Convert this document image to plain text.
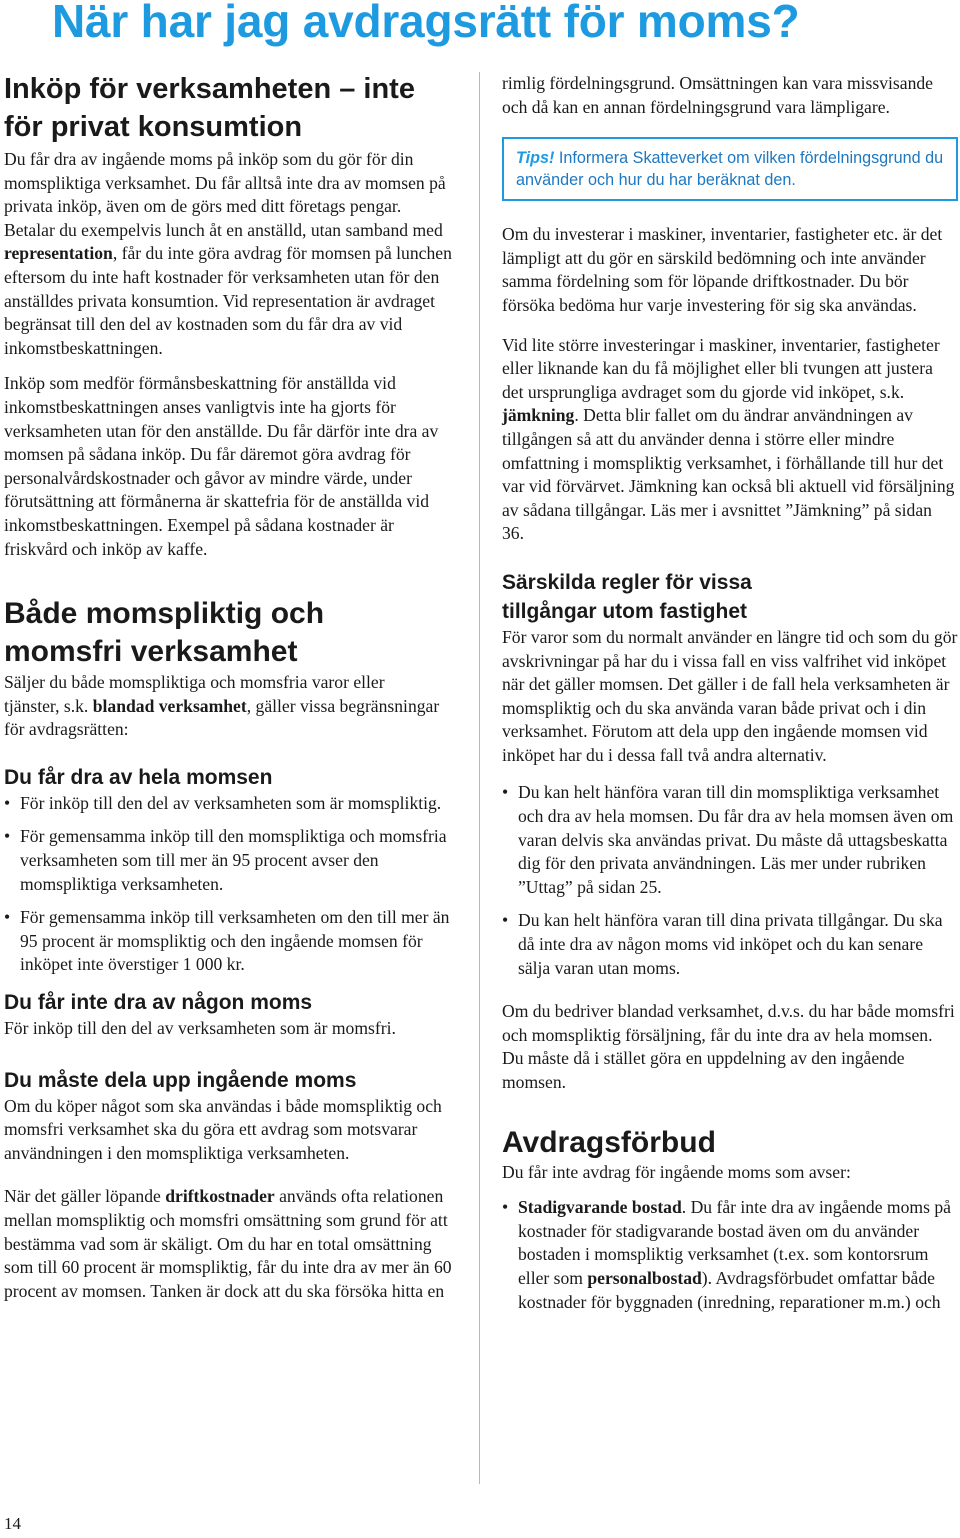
När har jag avdragsrätt för moms?
Inköp för verksamheten – inte för privat konsumtion

Du får dra av ingående moms på inköp som du gör för din momspliktiga verksamhet. Du får alltså inte dra av momsen på privata inköp, även om de görs med ditt företags pengar. Betalar du exempelvis lunch åt en anställd, utan samband med representation, får du inte göra avdrag för momsen på lunchen eftersom du inte haft kostnader för verksamheten utan för den anställdes privata konsumtion. Vid representation är avdraget begränsat till den del av kostnaden som du får dra av vid inkomstbeskattningen.

Inköp som medför förmånsbeskattning för anställda vid inkomstbeskattningen anses vanligtvis inte ha gjorts för verksamheten utan för den anställde. Du får därför inte dra av momsen på sådana inköp. Du får däremot göra avdrag för personalvårdskostnader och gåvor av mindre värde, under förutsättning att förmånerna är skattefria för de anställda vid inkomstbeskattningen. Exempel på sådana kostnader är friskvård och inköp av kaffe.

Både momspliktig och momsfri verksamhet

Säljer du både momspliktiga och momsfria varor eller tjänster, s.k. blandad verksamhet, gäller vissa begränsningar för avdragsrätten:

Du får dra av hela momsen
• För inköp till den del av verksamheten som är momspliktig.
• För gemensamma inköp till den momspliktiga och momsfria verksamheten som till mer än 95 procent avser den momspliktiga verksamheten.
• För gemensamma inköp till verksamheten om den till mer än 95 procent är momspliktig och den ingående momsen för inköpet inte överstiger 1 000 kr.
Du får inte dra av någon moms

För inköp till den del av verksamheten som är momsfri.

Du måste dela upp ingående moms

Om du köper något som ska användas i både momspliktig och momsfri verksamhet ska du göra ett avdrag som motsvarar användningen i den momspliktiga verksamheten.

När det gäller löpande driftkostnader används ofta relationen mellan momspliktig och momsfri omsättning som grund för att bestämma vad som är skäligt. Om du har en total omsättning som till 60 procent är momspliktig, får du inte dra av mer än 60 procent av momsen. Tanken är dock att du ska försöka hitta en

rimlig fördelningsgrund. Omsättningen kan vara missvisande och då kan en annan fördelningsgrund vara lämpligare.

Tips! Informera Skatteverket om vilken fördelningsgrund du använder och hur du har beräknat den.

Om du investerar i maskiner, inventarier, fastigheter etc. är det lämpligt att du gör en särskild bedömning och inte använder samma fördelning som för löpande driftkostnader. Du bör försöka bedöma hur varje investering för sig ska användas.

Vid lite större investeringar i maskiner, inventarier, fastigheter eller liknande kan du få möjlighet eller bli tvungen att justera det ursprungliga avdraget som du gjorde vid inköpet, s.k. jämkning. Detta blir fallet om du ändrar användningen av tillgången så att du använder denna i större eller mindre omfattning i momspliktig verksamhet, i förhållande till hur det var vid förvärvet. Jämkning kan också bli aktuell vid försäljning av sådana tillgångar. Läs mer i avsnittet ”Jämkning” på sidan 36.

Särskilda regler för vissa tillgångar utom fastighet

För varor som du normalt använder en längre tid och som du gör avskrivningar på har du i vissa fall en viss valfrihet vid inköpet när det gäller momsen. Det gäller i de fall hela verksamheten är momspliktig och du ska använda varan både privat och i din verksamhet. Förutom att dela upp den ingående momsen vid inköpet har du i dessa fall två andra alternativ.

• Du kan helt hänföra varan till din momspliktiga verksamhet och dra av hela momsen. Du får dra av hela momsen även om varan delvis ska användas privat. Du måste då uttagsbeskatta dig för den privata användningen. Läs mer under rubriken ”Uttag” på sidan 25.
• Du kan helt hänföra varan till dina privata tillgångar. Du ska då inte dra av någon moms vid inköpet och du kan senare sälja varan utan moms.

Om du bedriver blandad verksamhet, d.v.s. du har både momsfri och momspliktig försäljning, får du inte dra av hela momsen. Du måste då i stället göra en uppdelning av den ingående momsen.

Avdragsförbud

Du får inte avdrag för ingående moms som avser:

• Stadigvarande bostad. Du får inte dra av ingående moms på kostnader för stadigvarande bostad även om du använder bostaden i momspliktig verksamhet (t.ex. som kontorsrum eller som personalbostad). Avdragsförbudet omfattar både kostnader för byggnaden (inredning, reparationer m.m.) och

14
